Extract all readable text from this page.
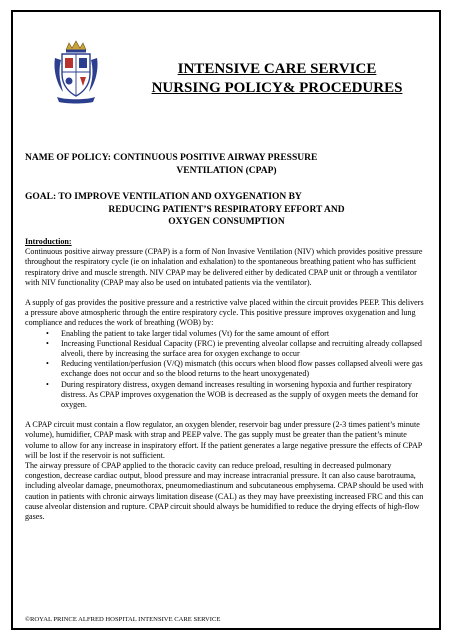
INTENSIVE CARE SERVICE
NURSING POLICY& PROCEDURES
NAME OF POLICY: CONTINUOUS POSITIVE AIRWAY PRESSURE
VENTILATION (CPAP)
GOAL: TO IMPROVE VENTILATION AND OXYGENATION BY
REDUCING PATIENT’S RESPIRATORY EFFORT AND
OXYGEN CONSUMPTION

Introduction:

Continuous positive airway pressure (CPAP) is a form of Non Invasive Ventilation (NIV) which provides positive pressure throughout the respiratory cycle (ie on inhalation and exhalation) to the spontaneous breathing patient who has sufficient respiratory drive and muscle strength. NIV CPAP may be delivered either by dedicated CPAP unit or through a ventilator with NIV functionality (CPAP may also be used on intubated patients via the ventilator).

A supply of gas provides the positive pressure and a restrictive valve placed within the circuit provides PEEP. This delivers a pressure above atmospheric through the entire respiratory cycle. This positive pressure improves oxygenation and lung compliance and reduces the work of breathing (WOB) by:

• Enabling the patient to take larger tidal volumes (Vt) for the same amount of effort
• Increasing Functional Residual Capacity (FRC) ie preventing alveolar collapse and recruiting already collapsed alveoli, there by increasing the surface area for oxygen exchange to occur
• Reducing ventilation/perfusion (V/Q) mismatch (this occurs when blood flow passes collapsed alveoli were gas exchange does not occur and so the blood returns to the heart unoxygenated)
• During respiratory distress, oxygen demand increases resulting in worsening hypoxia and further respiratory distress. As CPAP improves oxygenation the WOB is decreased as the supply of oxygen meets the demand for oxygen.

A CPAP circuit must contain a flow regulator, an oxygen blender, reservoir bag under pressure (2-3 times patient’s minute volume), humidifier, CPAP mask with strap and PEEP valve. The gas supply must be greater than the patient’s minute volume to allow for any increase in inspiratory effort. If the patient generates a large negative pressure the effects of CPAP will be lost if the reservoir is not sufficient.

The airway pressure of CPAP applied to the thoracic cavity can reduce preload, resulting in decreased pulmonary congestion, decrease cardiac output, blood pressure and may increase intracranial pressure. It can also cause barotrauma, including alveolar damage, pneumothorax, pneumomediastinum and subcutaneous emphysema. CPAP should be used with caution in patients with chronic airways limitation disease (CAL) as they may have preexisting increased FRC and this can cause alveolar distension and rupture. CPAP circuit should always be humidified to reduce the drying effects of high-flow gases.

©ROYAL PRINCE ALFRED HOSPITAL INTENSIVE CARE SERVICE
